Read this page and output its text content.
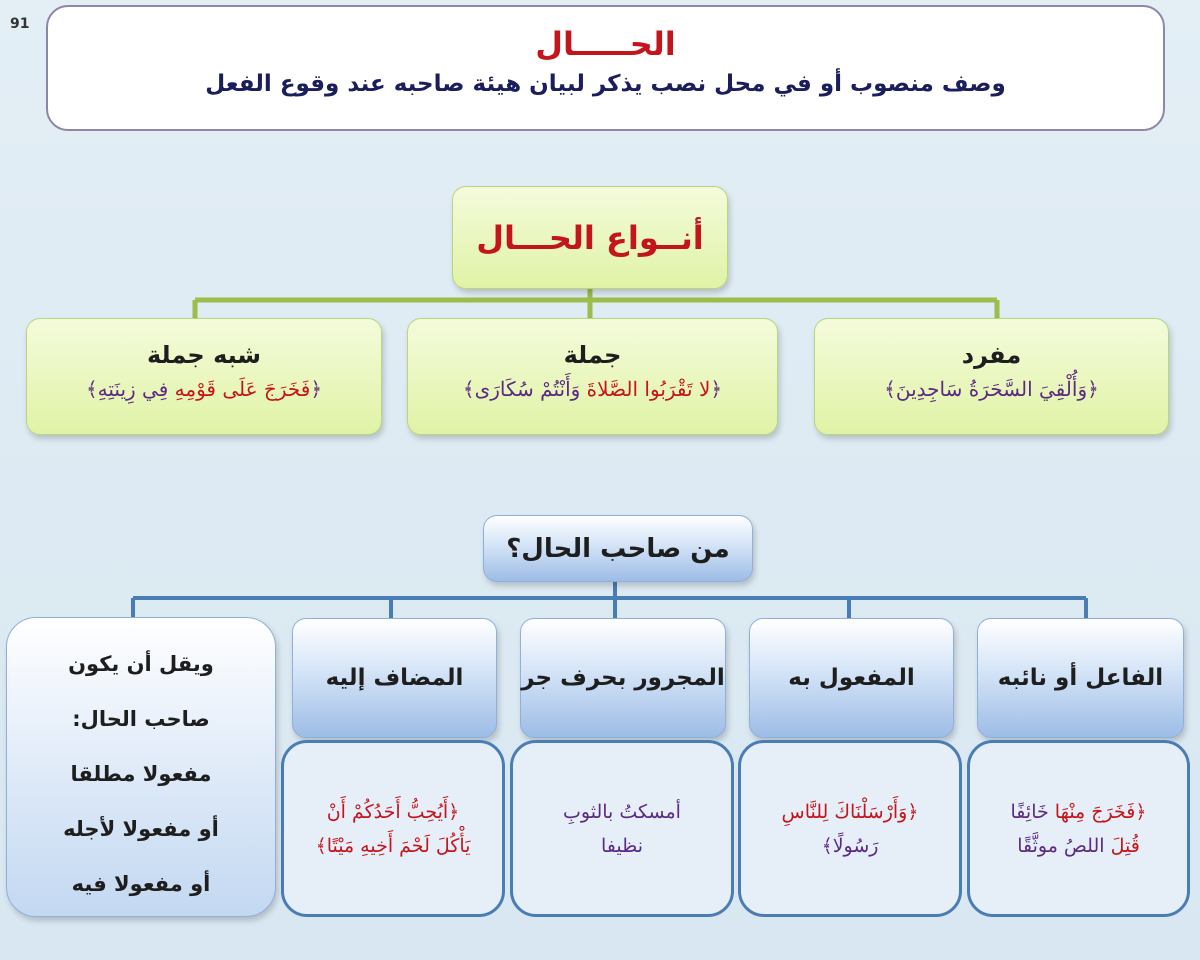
91
الحـــــال
وصف منصوب أو في محل نصب يذكر لبيان هيئة صاحبه عند وقوع الفعل
أنــواع الحـــال
مفرد
﴿وَأُلْقِيَ السَّحَرَةُ سَاجِدِينَ﴾
جملة
﴿لا تَقْرَبُوا الصَّلاةَ وَأَنْتُمْ سُكَارَى﴾
شبه جملة
﴿فَخَرَجَ عَلَى قَوْمِهِ فِي زِينَتِهِ﴾
من صاحب الحال؟
الفاعل أو نائبه
المفعول به
المجرور بحرف جر
المضاف إليه
﴿فَخَرَجَ مِنْهَا خَائِفًا
قُتِلَ اللصُ موثَّقًا
﴿وَأَرْسَلْنَاكَ لِلنَّاسِ
رَسُولًا﴾
أمسكتُ بالثوبِ
نظيفا
﴿أَيُحِبُّ أَحَدُكُمْ أَنْ
يَأْكُلَ لَحْمَ أَخِيهِ مَيْتًا﴾
ويقل أن يكون
صاحب الحال:
مفعولا مطلقا
أو مفعولا لأجله
أو مفعولا فيه
